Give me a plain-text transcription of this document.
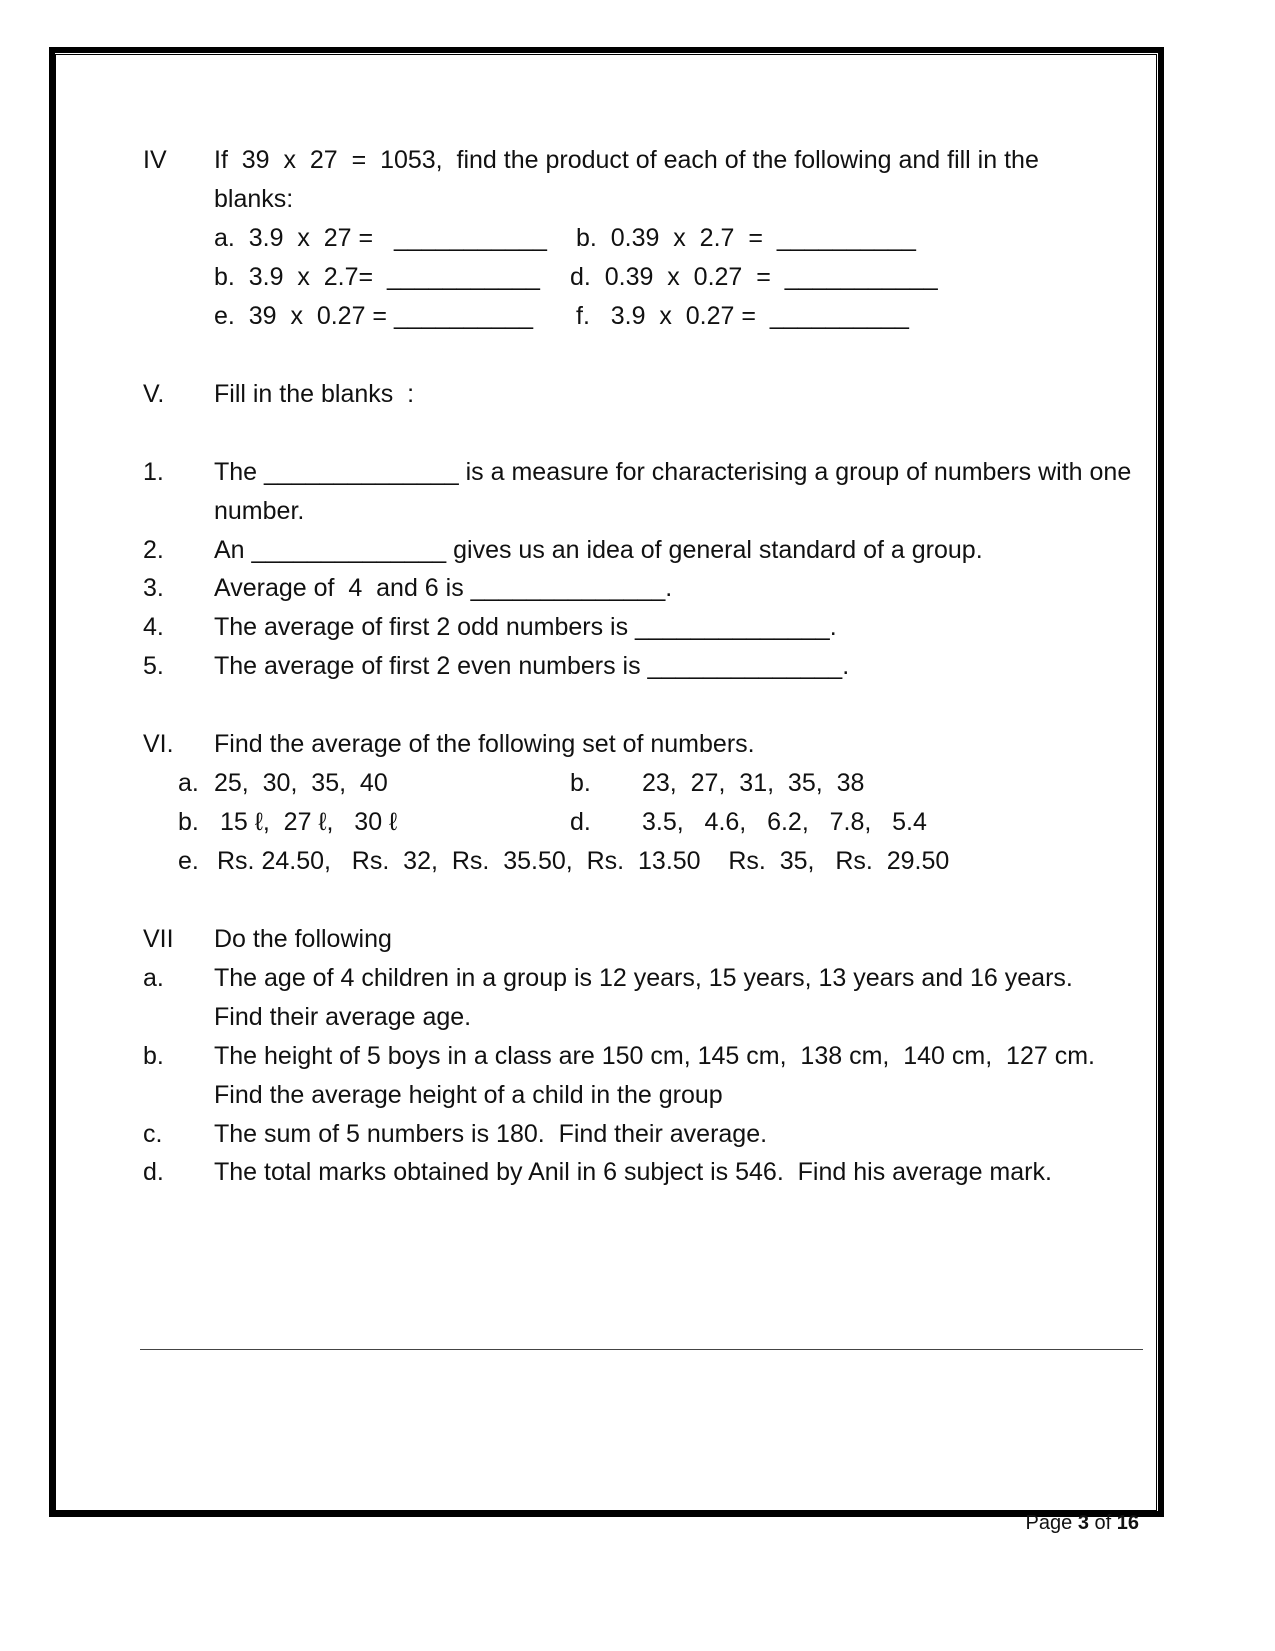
IV If  39  x  27  =  1053,  find the product of each of the following and fill in the
blanks:
a.  3.9  x  27 =   ___________ b.  0.39  x  2.7  =  __________
b.  3.9  x  2.7=  ___________ d.  0.39  x  0.27  =  ___________
e.  39  x  0.27 = __________ f.   3.9  x  0.27 =  __________
V. Fill in the blanks  :
1. The ______________ is a measure for characterising a group of numbers with one
number.
2. An ______________ gives us an idea of general standard of a group.
3. Average of  4  and 6 is ______________.
4. The average of first 2 odd numbers is ______________.
5. The average of first 2 even numbers is ______________.
VI. Find the average of the following set of numbers.
a. 25,  30,  35,  40	b. 23,  27,  31,  35,  38
b. 15 ℓ,  27 ℓ,   30 ℓ	d. 3.5,   4.6,   6.2,   7.8,   5.4
e. Rs. 24.50,   Rs.  32,  Rs.  35.50,  Rs.  13.50    Rs.  35,   Rs.  29.50
VII Do the following
a. The age of 4 children in a group is 12 years, 15 years, 13 years and 16 years.
Find their average age.
b. The height of 5 boys in a class are 150 cm, 145 cm,  138 cm,  140 cm,  127 cm.
Find the average height of a child in the group
c. The sum of 5 numbers is 180.  Find their average.
d. The total marks obtained by Anil in 6 subject is 546.  Find his average mark.
Page 3 of 16
